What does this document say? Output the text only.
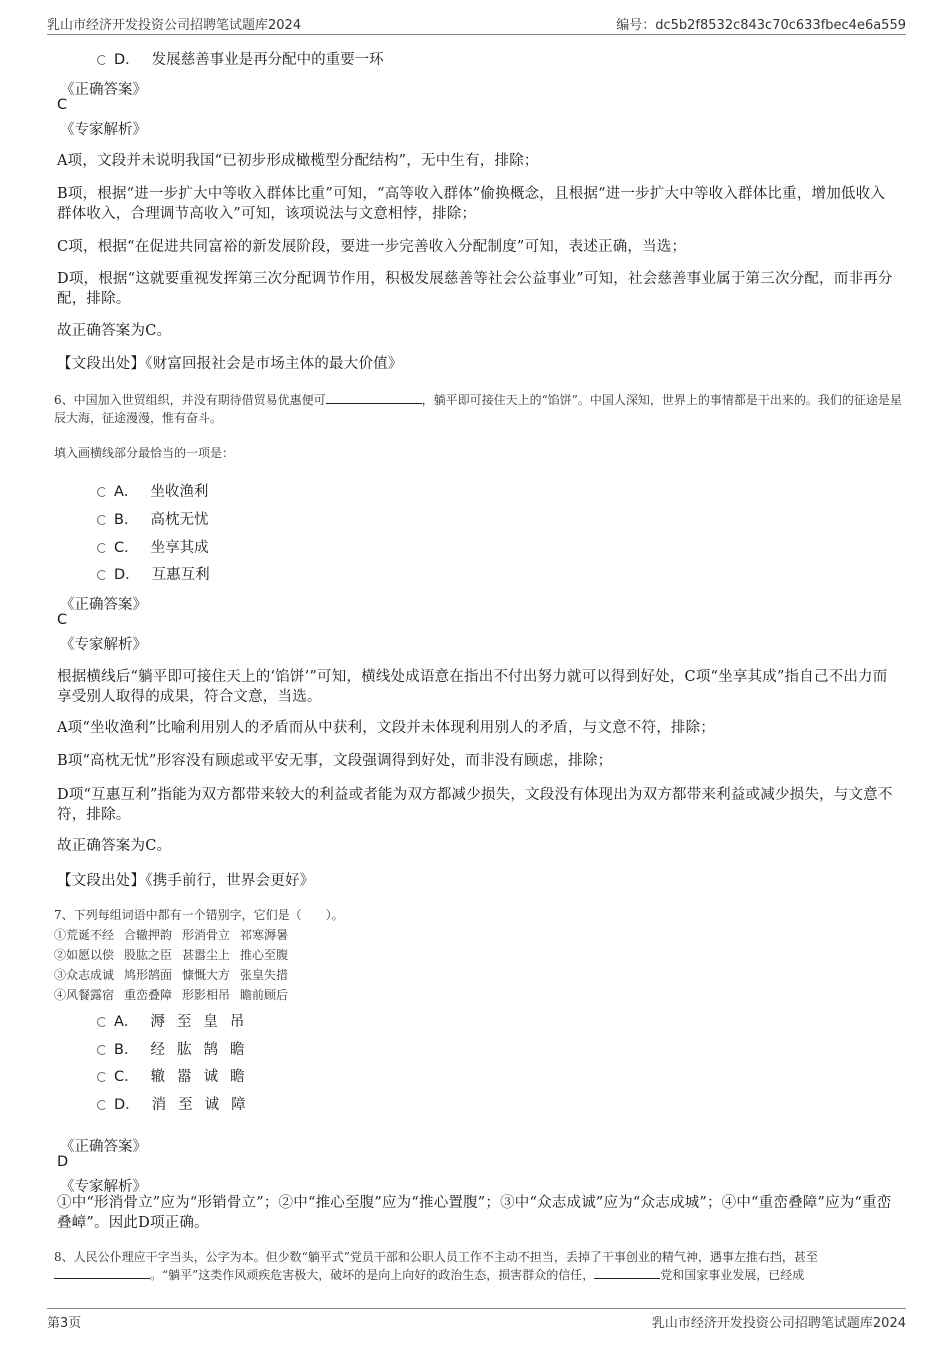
乳山市经济开发投资公司招聘笔试题库2024	编号：dc5b2f8532c843c70c633fbec4e6a559
D． 发展慈善事业是再分配中的重要一环
《正确答案》
C
《专家解析》
A项，文段并未说明我国“已初步形成橄榄型分配结构”，无中生有，排除；
B项，根据“进一步扩大中等收入群体比重”可知，“高等收入群体”偷换概念，且根据“进一步扩大中等收入群体比重，增加低收入群体收入，合理调节高收入”可知，该项说法与文意相悖，排除；
C项，根据“在促进共同富裕的新发展阶段，要进一步完善收入分配制度”可知，表述正确，当选；
D项，根据“这就要重视发挥第三次分配调节作用，积极发展慈善等社会公益事业”可知，社会慈善事业属于第三次分配，而非再分配，排除。
故正确答案为C。
【文段出处】《财富回报社会是市场主体的最大价值》
6、中国加入世贸组织，并没有期待借贸易优惠便可	，躺平即可接住天上的“馅饼”。中国人深知，世界上的事情都是干出来的。我们的征途是星辰大海，征途漫漫，惟有奋斗。
填入画横线部分最恰当的一项是：
A． 坐收渔利
B． 高枕无忧
C． 坐享其成
D． 互惠互利
《正确答案》
C
《专家解析》
根据横线后“躺平即可接住天上的‘馅饼’”可知，横线处成语意在指出不付出努力就可以得到好处，C项“坐享其成”指自己不出力而享受别人取得的成果，符合文意，当选。
A项“坐收渔利”比喻利用别人的矛盾而从中获利，文段并未体现利用别人的矛盾，与文意不符，排除；
B项“高枕无忧”形容没有顾虑或平安无事，文段强调得到好处，而非没有顾虑，排除；
D项“互惠互利”指能为双方都带来较大的利益或者能为双方都减少损失，文段没有体现出为双方都带来利益或减少损失，与文意不符，排除。
故正确答案为C。
【文段出处】《携手前行，世界会更好》
7、下列每组词语中都有一个错别字，它们是（　　）。
①荒诞不经 合辙押韵 形消骨立 祁寒溽暑
②如愿以偿 股肱之臣 甚嚣尘上 推心至腹
③众志成诚 鸠形鹄面 慷慨大方 张皇失措
④风餐露宿 重峦叠障 形影相吊 瞻前顾后
A． 溽至皇吊
B． 经肱鹄瞻
C． 辙嚣诚瞻
D． 消至诚障
《正确答案》
D
《专家解析》
①中“形消骨立”应为“形销骨立”；②中“推心至腹”应为“推心置腹”；③中“众志成诚”应为“众志成城”；④中“重峦叠障”应为“重峦叠嶂”。因此D项正确。
8、人民公仆理应干字当头，公字为本。但少数“躺平式”党员干部和公职人员工作不主动不担当，丢掉了干事创业的精气神，遇事左推右挡，甚至。“躺平”这类作风顽疾危害极大，破坏的是向上向好的政治生态，损害群众的信任，	党和国家事业发展，已经成
第3页	乳山市经济开发投资公司招聘笔试题库2024
